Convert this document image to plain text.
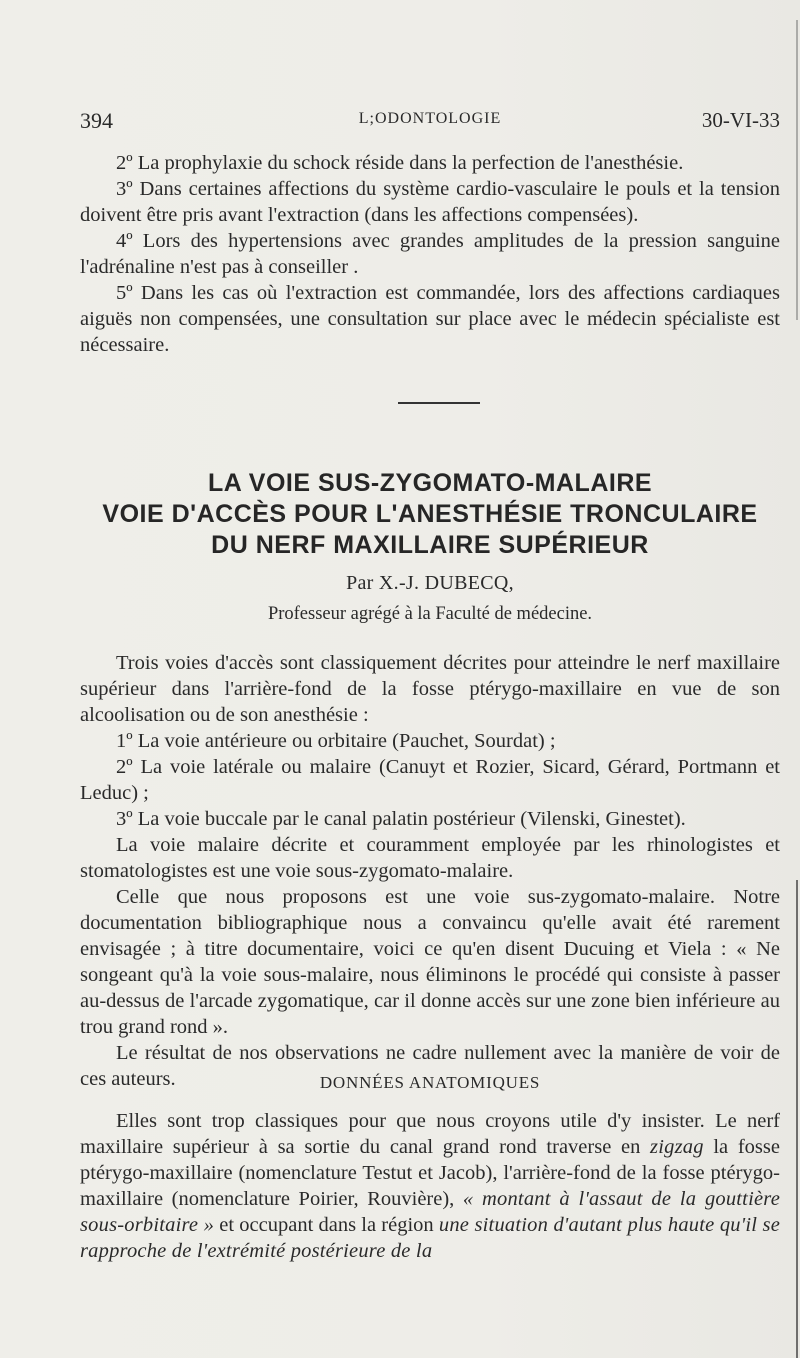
394	L;ODONTOLOGIE	30-VI-33

2º La prophylaxie du schock réside dans la perfection de l'anesthésie.

3º Dans certaines affections du système cardio-vasculaire le pouls et la tension doivent être pris avant l'extraction (dans les affections compensées).

4º Lors des hypertensions avec grandes amplitudes de la pression sanguine l'adrénaline n'est pas à conseiller .

5º Dans les cas où l'extraction est commandée, lors des affections cardiaques aiguës non compensées, une consultation sur place avec le médecin spécialiste est nécessaire.

LA VOIE SUS-ZYGOMATO-MALAIRE
VOIE D'ACCÈS POUR L'ANESTHÉSIE TRONCULAIRE
DU NERF MAXILLAIRE SUPÉRIEUR
Par X.-J. DUBECQ,
Professeur agrégé à la Faculté de médecine.

Trois voies d'accès sont classiquement décrites pour atteindre le nerf maxillaire supérieur dans l'arrière-fond de la fosse ptérygo-maxillaire en vue de son alcoolisation ou de son anesthésie :

1º La voie antérieure ou orbitaire (Pauchet, Sourdat) ;

2º La voie latérale ou malaire (Canuyt et Rozier, Sicard, Gérard, Portmann et Leduc) ;

3º La voie buccale par le canal palatin postérieur (Vilenski, Ginestet).

La voie malaire décrite et couramment employée par les rhinologistes et stomatologistes est une voie sous-zygomato-malaire.

Celle que nous proposons est une voie sus-zygomato-malaire. Notre documentation bibliographique nous a convaincu qu'elle avait été rarement envisagée ; à titre documentaire, voici ce qu'en disent Ducuing et Viela : « Ne songeant qu'à la voie sous-malaire, nous éliminons le procédé qui consiste à passer au-dessus de l'arcade zygomatique, car il donne accès sur une zone bien inférieure au trou grand rond ».

Le résultat de nos observations ne cadre nullement avec la manière de voir de ces auteurs.	DONNÉES ANATOMIQUES

Elles sont trop classiques pour que nous croyons utile d'y insister. Le nerf maxillaire supérieur à sa sortie du canal grand rond traverse en zigzag la fosse ptérygo-maxillaire (nomenclature Testut et Jacob), l'arrière-fond de la fosse ptérygo-maxillaire (nomenclature Poirier, Rouvière), « montant à l'assaut de la gouttière sous-orbitaire » et occupant dans la région une situation d'autant plus haute qu'il se rapproche de l'extrémité postérieure de la
